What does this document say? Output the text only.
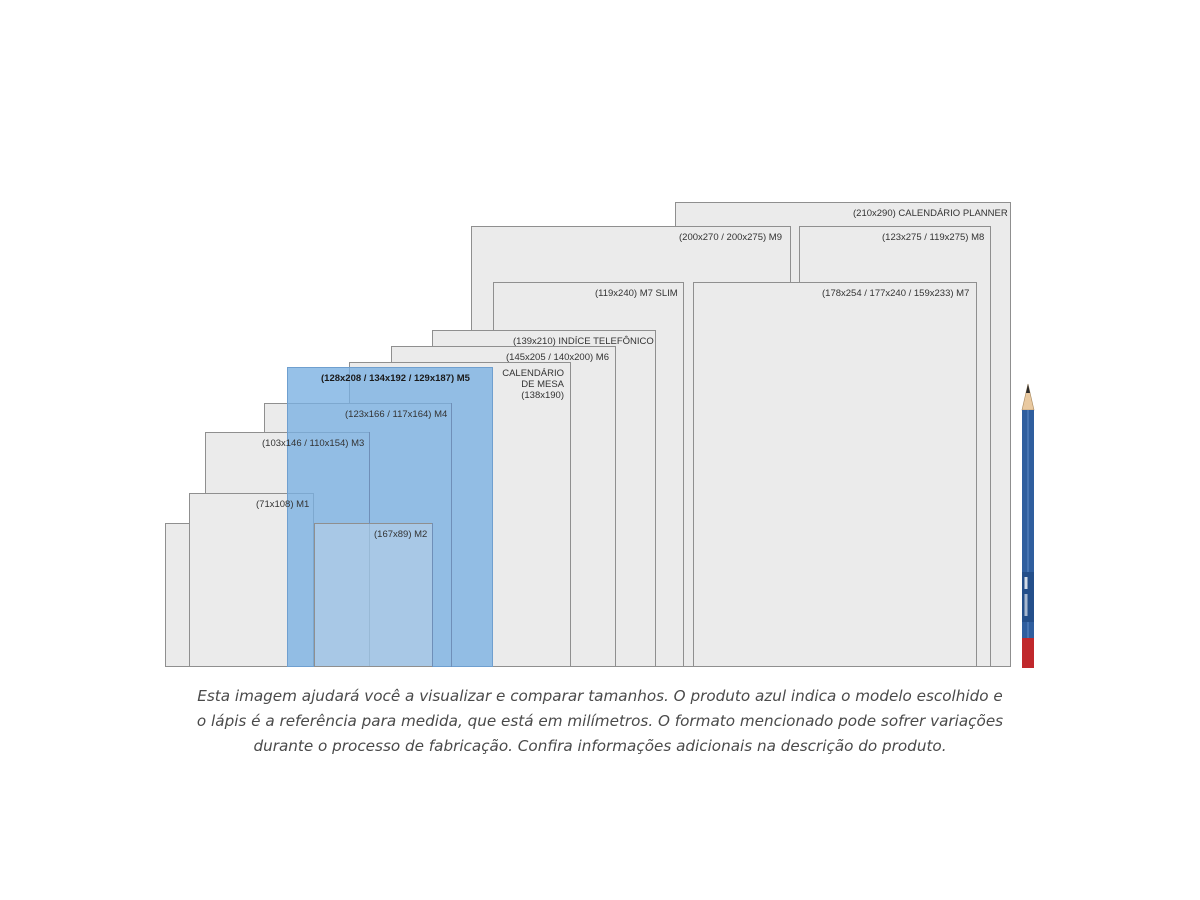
(210x290) CALENDÁRIO PLANNER
(200x270 / 200x275) M9	(123x275 / 119x275) M8
(119x240) M7 SLIM	(178x254 / 177x240 / 159x233) M7
(139x210) INDÍCE TELEFÔNICO
(145x205 / 140x200) M6
(128x208 / 134x192 / 129x187) M5	CALENDÁRIO
DE MESA
(138x190)
(123x166 / 117x164) M4
(103x146 / 110x154) M3
(71x108) M1
(167x89) M2
Esta imagem ajudará você a visualizar e comparar tamanhos. O produto azul indica o modelo escolhido e
o lápis é a referência para medida, que está em milímetros. O formato mencionado pode sofrer variações
durante o processo de fabricação. Confira informações adicionais na descrição do produto.
